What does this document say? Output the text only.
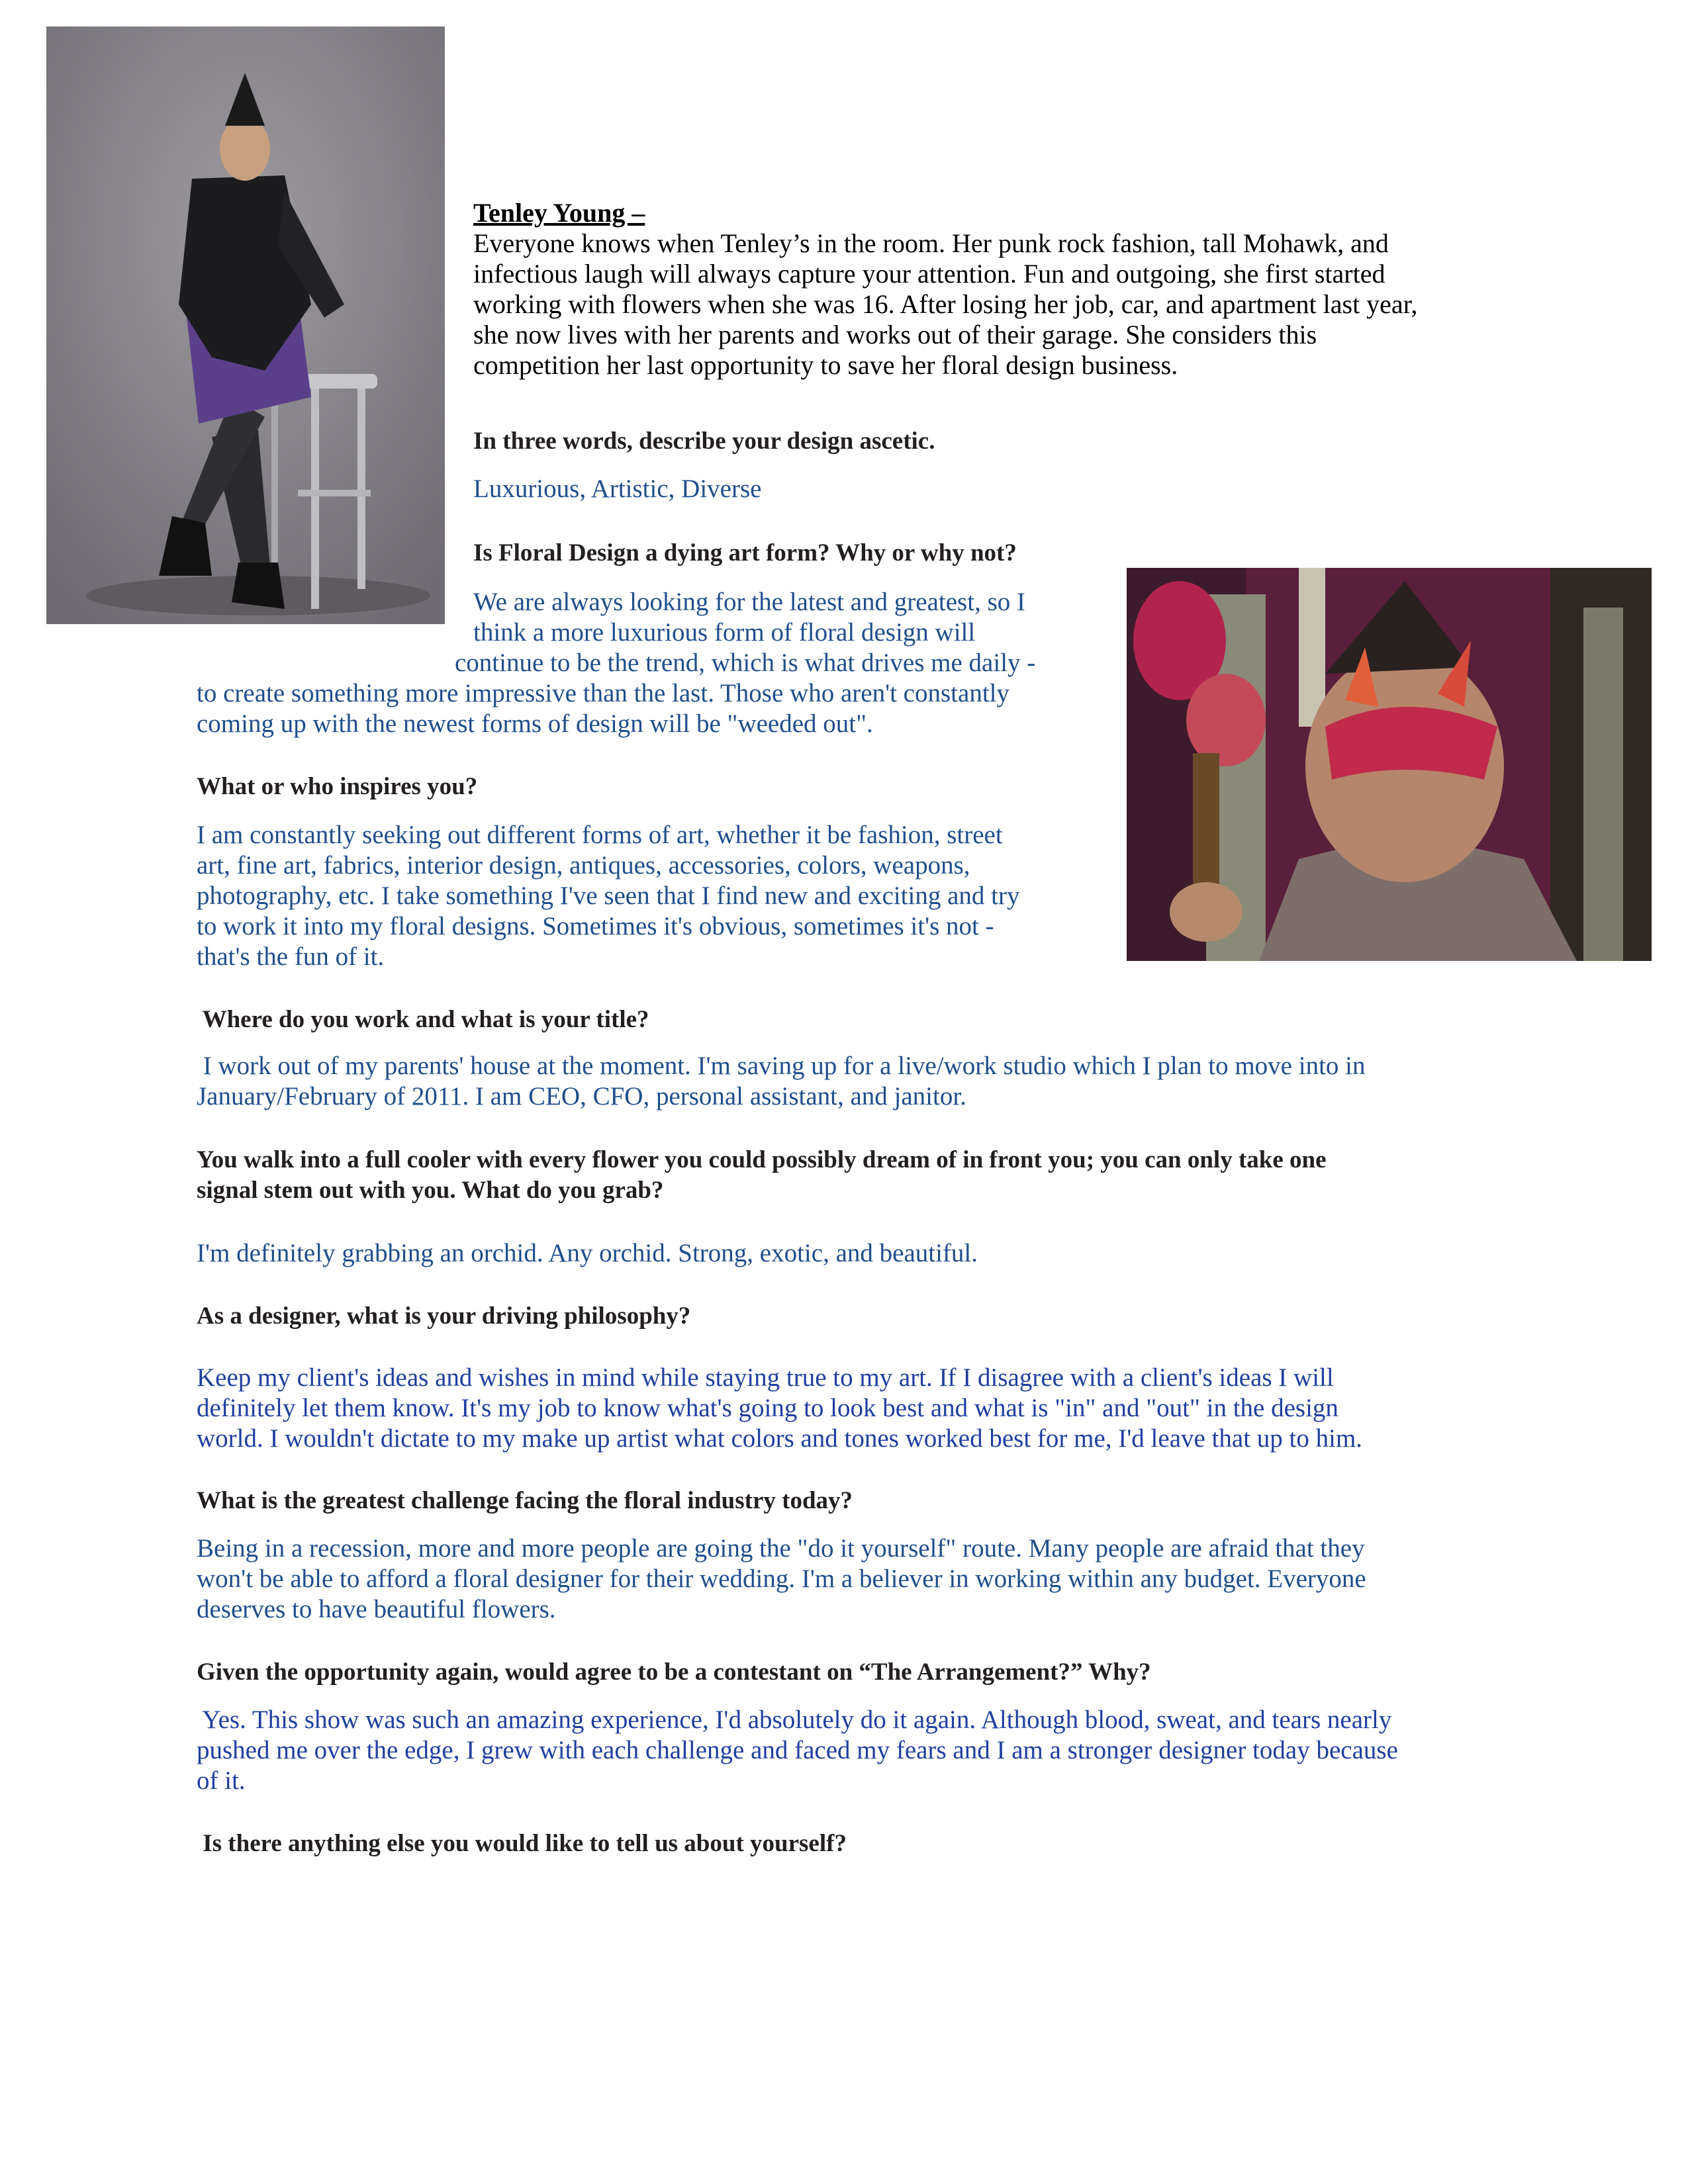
Tenley Young –
Everyone knows when Tenley’s in the room. Her punk rock fashion, tall Mohawk, and
infectious laugh will always capture your attention. Fun and outgoing, she first started
working with flowers when she was 16. After losing her job, car, and apartment last year,
she now lives with her parents and works out of their garage. She considers this
competition her last opportunity to save her floral design business.
In three words, describe your design ascetic.
Luxurious, Artistic, Diverse
Is Floral Design a dying art form? Why or why not?
We are always looking for the latest and greatest, so I
think a more luxurious form of floral design will
continue to be the trend, which is what drives me daily -
to create something more impressive than the last. Those who aren't constantly
coming up with the newest forms of design will be "weeded out".
What or who inspires you?
I am constantly seeking out different forms of art, whether it be fashion, street
art, fine art, fabrics, interior design, antiques, accessories, colors, weapons,
photography, etc. I take something I've seen that I find new and exciting and try
to work it into my floral designs. Sometimes it's obvious, sometimes it's not -
that's the fun of it.
Where do you work and what is your title?
I work out of my parents' house at the moment. I'm saving up for a live/work studio which I plan to move into in
January/February of 2011. I am CEO, CFO, personal assistant, and janitor.
You walk into a full cooler with every flower you could possibly dream of in front you; you can only take one
signal stem out with you. What do you grab?
I'm definitely grabbing an orchid. Any orchid. Strong, exotic, and beautiful.
As a designer, what is your driving philosophy?
Keep my client's ideas and wishes in mind while staying true to my art. If I disagree with a client's ideas I will
definitely let them know. It's my job to know what's going to look best and what is "in" and "out" in the design
world. I wouldn't dictate to my make up artist what colors and tones worked best for me, I'd leave that up to him.
What is the greatest challenge facing the floral industry today?
Being in a recession, more and more people are going the "do it yourself" route. Many people are afraid that they
won't be able to afford a floral designer for their wedding. I'm a believer in working within any budget. Everyone
deserves to have beautiful flowers.
Given the opportunity again, would agree to be a contestant on “The Arrangement?” Why?
Yes. This show was such an amazing experience, I'd absolutely do it again. Although blood, sweat, and tears nearly
pushed me over the edge, I grew with each challenge and faced my fears and I am a stronger designer today because
of it.
Is there anything else you would like to tell us about yourself?
